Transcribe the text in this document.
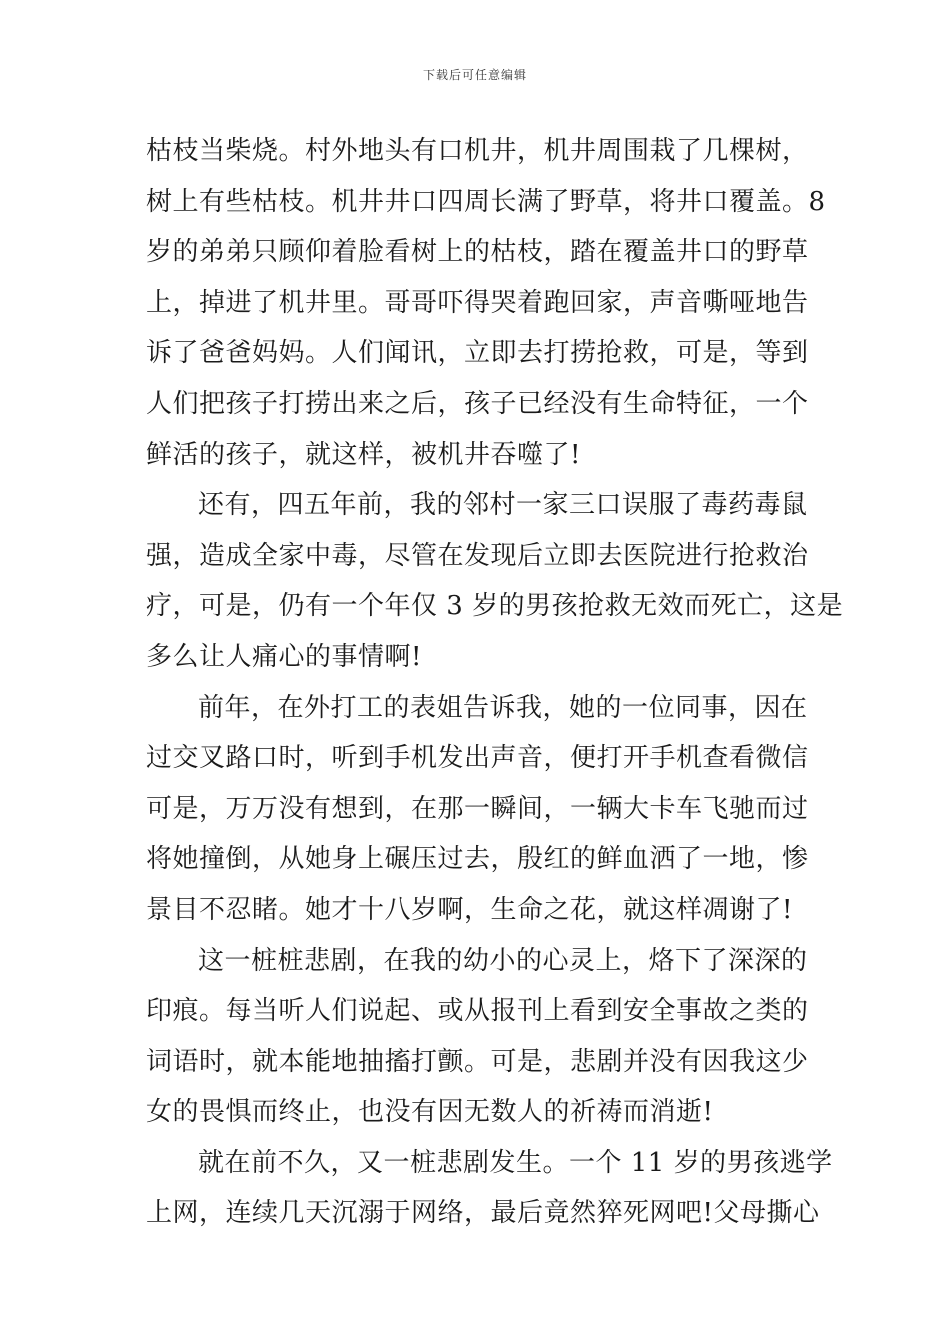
下载后可任意编辑
枯枝当柴烧。村外地头有口机井，机井周围栽了几棵树，
树上有些枯枝。机井井口四周长满了野草，将井口覆盖。8
岁的弟弟只顾仰着脸看树上的枯枝，踏在覆盖井口的野草
上，掉进了机井里。哥哥吓得哭着跑回家，声音嘶哑地告
诉了爸爸妈妈。人们闻讯，立即去打捞抢救，可是，等到
人们把孩子打捞出来之后，孩子已经没有生命特征，一个
鲜活的孩子，就这样，被机井吞噬了!
还有，四五年前，我的邻村一家三口误服了毒药毒鼠
强，造成全家中毒，尽管在发现后立即去医院进行抢救治
疗，可是，仍有一个年仅 3 岁的男孩抢救无效而死亡，这是
多么让人痛心的事情啊!
前年，在外打工的表姐告诉我，她的一位同事，因在
过交叉路口时，听到手机发出声音，便打开手机查看微信
可是，万万没有想到，在那一瞬间，一辆大卡车飞驰而过
将她撞倒，从她身上碾压过去，殷红的鲜血洒了一地，惨
景目不忍睹。她才十八岁啊，生命之花，就这样凋谢了!
这一桩桩悲剧，在我的幼小的心灵上，烙下了深深的
印痕。每当听人们说起、或从报刊上看到安全事故之类的
词语时，就本能地抽搐打颤。可是，悲剧并没有因我这少
女的畏惧而终止，也没有因无数人的祈祷而消逝!
就在前不久，又一桩悲剧发生。一个 11 岁的男孩逃学
上网，连续几天沉溺于网络，最后竟然猝死网吧!父母撕心
